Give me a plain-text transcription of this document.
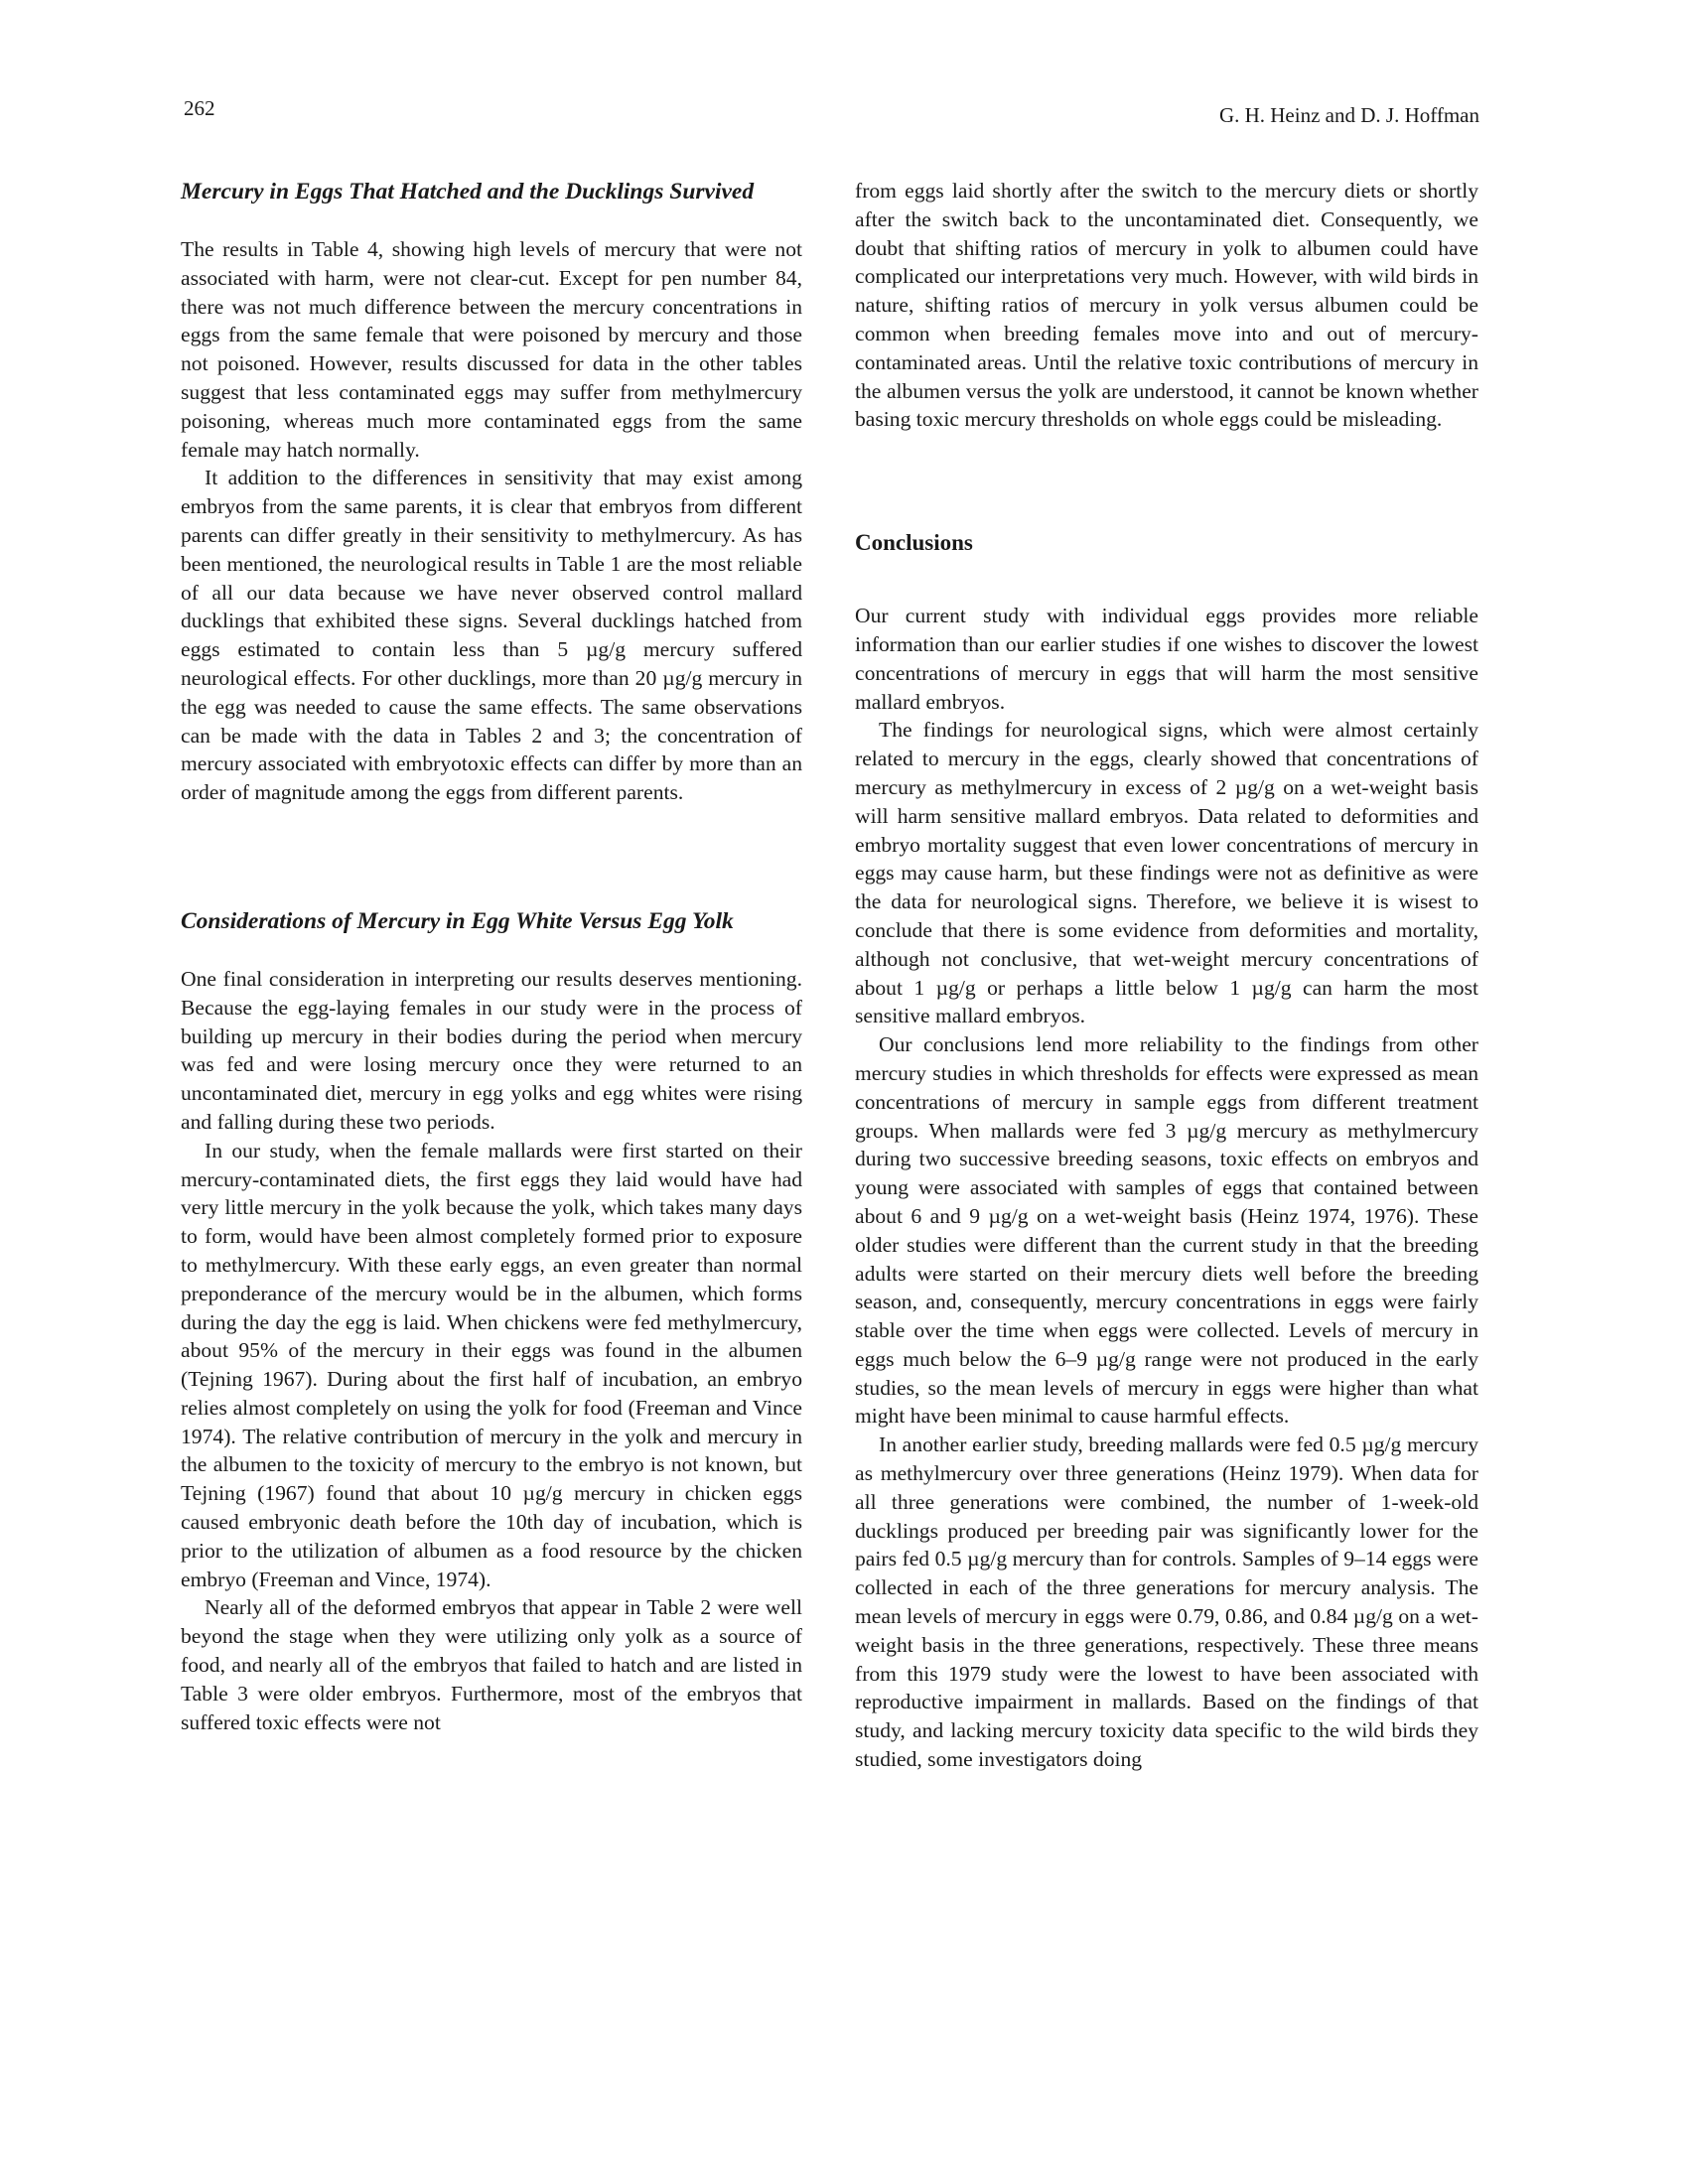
262	G. H. Heinz and D. J. Hoffman
Mercury in Eggs That Hatched and the Ducklings Survived

The results in Table 4, showing high levels of mercury that were not associated with harm, were not clear-cut. Except for pen number 84, there was not much difference between the mercury concentrations in eggs from the same female that were poisoned by mercury and those not poisoned. However, results discussed for data in the other tables suggest that less contaminated eggs may suffer from methylmercury poisoning, whereas much more contaminated eggs from the same female may hatch normally.

It addition to the differences in sensitivity that may exist among embryos from the same parents, it is clear that embryos from different parents can differ greatly in their sensitivity to methylmercury. As has been mentioned, the neurological results in Table 1 are the most reliable of all our data because we have never observed control mallard ducklings that exhibited these signs. Several ducklings hatched from eggs estimated to contain less than 5 µg/g mercury suffered neurological effects. For other ducklings, more than 20 µg/g mercury in the egg was needed to cause the same effects. The same observations can be made with the data in Tables 2 and 3; the concentration of mercury associated with embryotoxic effects can differ by more than an order of magnitude among the eggs from different parents.

Considerations of Mercury in Egg White Versus Egg Yolk

One final consideration in interpreting our results deserves mentioning. Because the egg-laying females in our study were in the process of building up mercury in their bodies during the period when mercury was fed and were losing mercury once they were returned to an uncontaminated diet, mercury in egg yolks and egg whites were rising and falling during these two periods.

In our study, when the female mallards were first started on their mercury-contaminated diets, the first eggs they laid would have had very little mercury in the yolk because the yolk, which takes many days to form, would have been almost completely formed prior to exposure to methylmercury. With these early eggs, an even greater than normal preponderance of the mercury would be in the albumen, which forms during the day the egg is laid. When chickens were fed methylmercury, about 95% of the mercury in their eggs was found in the albumen (Tejning 1967). During about the first half of incubation, an embryo relies almost completely on using the yolk for food (Freeman and Vince 1974). The relative contribution of mercury in the yolk and mercury in the albumen to the toxicity of mercury to the embryo is not known, but Tejning (1967) found that about 10 µg/g mercury in chicken eggs caused embryonic death before the 10th day of incubation, which is prior to the utilization of albumen as a food resource by the chicken embryo (Freeman and Vince, 1974).

Nearly all of the deformed embryos that appear in Table 2 were well beyond the stage when they were utilizing only yolk as a source of food, and nearly all of the embryos that failed to hatch and are listed in Table 3 were older embryos. Furthermore, most of the embryos that suffered toxic effects were not

from eggs laid shortly after the switch to the mercury diets or shortly after the switch back to the uncontaminated diet. Consequently, we doubt that shifting ratios of mercury in yolk to albumen could have complicated our interpretations very much. However, with wild birds in nature, shifting ratios of mercury in yolk versus albumen could be common when breeding females move into and out of mercury-contaminated areas. Until the relative toxic contributions of mercury in the albumen versus the yolk are understood, it cannot be known whether basing toxic mercury thresholds on whole eggs could be misleading.

Conclusions

Our current study with individual eggs provides more reliable information than our earlier studies if one wishes to discover the lowest concentrations of mercury in eggs that will harm the most sensitive mallard embryos.

The findings for neurological signs, which were almost certainly related to mercury in the eggs, clearly showed that concentrations of mercury as methylmercury in excess of 2 µg/g on a wet-weight basis will harm sensitive mallard embryos. Data related to deformities and embryo mortality suggest that even lower concentrations of mercury in eggs may cause harm, but these findings were not as definitive as were the data for neurological signs. Therefore, we believe it is wisest to conclude that there is some evidence from deformities and mortality, although not conclusive, that wet-weight mercury concentrations of about 1 µg/g or perhaps a little below 1 µg/g can harm the most sensitive mallard embryos.

Our conclusions lend more reliability to the findings from other mercury studies in which thresholds for effects were expressed as mean concentrations of mercury in sample eggs from different treatment groups. When mallards were fed 3 µg/g mercury as methylmercury during two successive breeding seasons, toxic effects on embryos and young were associated with samples of eggs that contained between about 6 and 9 µg/g on a wet-weight basis (Heinz 1974, 1976). These older studies were different than the current study in that the breeding adults were started on their mercury diets well before the breeding season, and, consequently, mercury concentrations in eggs were fairly stable over the time when eggs were collected. Levels of mercury in eggs much below the 6–9 µg/g range were not produced in the early studies, so the mean levels of mercury in eggs were higher than what might have been minimal to cause harmful effects.

In another earlier study, breeding mallards were fed 0.5 µg/g mercury as methylmercury over three generations (Heinz 1979). When data for all three generations were combined, the number of 1-week-old ducklings produced per breeding pair was significantly lower for the pairs fed 0.5 µg/g mercury than for controls. Samples of 9–14 eggs were collected in each of the three generations for mercury analysis. The mean levels of mercury in eggs were 0.79, 0.86, and 0.84 µg/g on a wet-weight basis in the three generations, respectively. These three means from this 1979 study were the lowest to have been associated with reproductive impairment in mallards. Based on the findings of that study, and lacking mercury toxicity data specific to the wild birds they studied, some investigators doing
